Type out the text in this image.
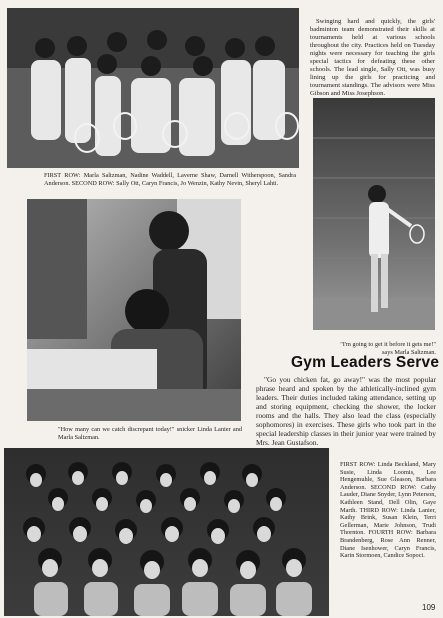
Swinging hard and quickly, the girls' badminton team demonstrated their skills at tournaments held at various schools throughout the city. Practices held on Tuesday nights were necessary for teaching the girls special tactics for defeating these other schools. The lead single, Sally Ott, was busy lining up the girls for practicing and tournament standings. The advisors were Miss Gibson and Miss Josephson.

FIRST ROW: Marla Saltzman, Nadine Waddell, Laverne Shaw, Darnell Witherspoon, Sandra Anderson. SECOND ROW: Sally Ott, Caryn Francis, Jo Wenzin, Kathy Nevin, Sheryl Lahti.

"How many can we catch discrepant today!" snicker Linda Lanier and Marla Saltzman.

"I'm going to get it before it gets me!" says Marla Saltzman.

Gym Leaders Serve

"Go you chicken fat, go away!" was the most popular phrase heard and spoken by the athletically-inclined gym leaders. Their duties included taking attendance, setting up and storing equipment, checking the shower, the locker rooms and the halls. They also lead the class (especially sophomores) in exercises. These girls who took part in the special leadership classes in their junior year were trained by Mrs. Jean Gustafson.

FIRST ROW: Linda Beckland, Mary Susie, Linda Loomis, Lee Hengemuhle, Sue Gleason, Barbara Anderson. SECOND ROW: Cathy Lauder, Diane Snyder, Lynn Peterson, Kathleen Stand, Dell Olin, Gaye Marth. THIRD ROW: Linda Lanier, Kathy Brink, Susan Klein, Terri Gellerman, Marie Johnson, Trudi Thornton. FOURTH ROW: Barbara Brandenberg, Rose Ann Renner, Diane Isenhower, Caryn Francis, Karin Stormoen, Candice Sopoci.

109
